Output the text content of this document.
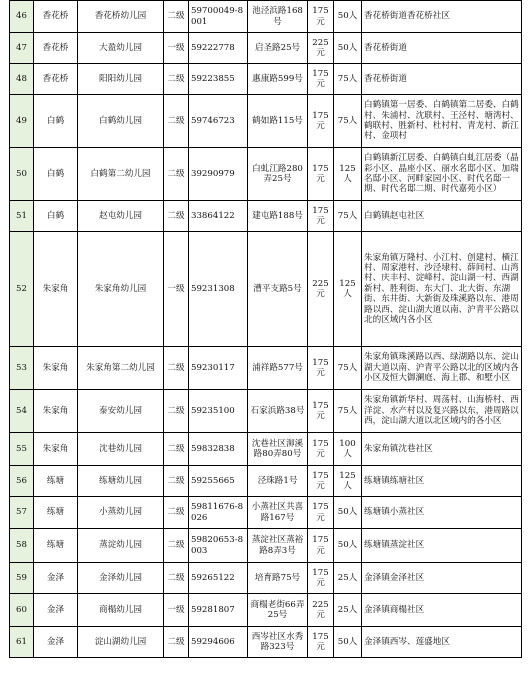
46	香花桥	香花桥幼儿园	二级	59700049-8001	池泾浜路168号	175元	50人	香花桥街道香花桥社区
47	香花桥	大盈幼儿园	一级	59222778	启圣路25号	225元	50人	香花桥街道
48	香花桥	阳阳幼儿园	二级	59223855	惠康路599号	175元	75人	香花桥街道
49	白鹤	白鹤幼儿园	二级	59746723	鹤如路115号	175元	75人	白鹤镇第一居委、白鹤镇第二居委、白鹤村、朱浦村、沈联村、王泾村、塘湾村、鹤联村、胜新村、杜村村、青龙村、新江村、金项村
50	白鹤	白鹤第二幼儿园	二级	39290979	白虬江路280弄25号	175元	125人	白鹤镇新江居委、白鹤镇白虬江居委（晶彩小区、晶座小区、丽水名邸小区、加瑞名邸小区、河畔家园小区、时代名邸一期、时代名邸二期、时代嘉苑小区）
51	白鹤	赵屯幼儿园	二级	33864122	建屯路188号	175元	75人	白鹤镇赵屯社区
52	朱家角	朱家角幼儿园	一级	59231308	漕平支路5号	225元	125人	朱家角镇万隆村、小江村、创建村、横江村、周家港村、沙泾埭村、薛间村、山湾村、庆丰村、淀峰村、淀山湖一村、西湖新村、胜利街、东大门、北大街、东湖街、东井街、大新街及珠溪路以东、港周路以西、淀山湖大道以南、沪青平公路以北的区域内各小区
53	朱家角	朱家角第二幼儿园	二级	59230117	浦祥路577号	175元	75人	朱家角镇珠溪路以西、绿湖路以东、淀山湖大道以南、沪青平公路以北的区域内各小区及恒大御澜庭、海上郡、和墅小区
54	朱家角	泰安幼儿园	二级	59235100	石家浜路38号	175元	75人	朱家角镇新华村、周荡村、山海桥村、西洋淀、水产村以及复兴路以东，港周路以西，淀山湖大道以北区域内的各小区
55	朱家角	沈巷幼儿园	二级	59832838	沈巷社区泖溪路80弄80号	175元	100人	朱家角镇沈巷社区
56	练塘	练塘幼儿园	二级	59255665	泾珠路1号	175元	125人	练塘镇练塘社区
57	练塘	小蒸幼儿园	二级	59811676-8026	小蒸社区共喜路167号	175元	50人	练塘镇小蒸社区
58	练塘	蒸淀幼儿园	二级	59820653-8003	蒸淀社区蒸裕路8弄3号	175元	50人	练塘镇蒸淀社区
59	金泽	金泽幼儿园	二级	59265122	培育路75号	175元	25人	金泽镇金泽社区
60	金泽	商榻幼儿园	一级	59281807	商榻老街66弄25号	225元	25人	金泽镇商榻社区
61	金泽	淀山湖幼儿园	二级	59294606	西岑社区水秀路323号	175元	50人	金泽镇西岑、莲盛地区
